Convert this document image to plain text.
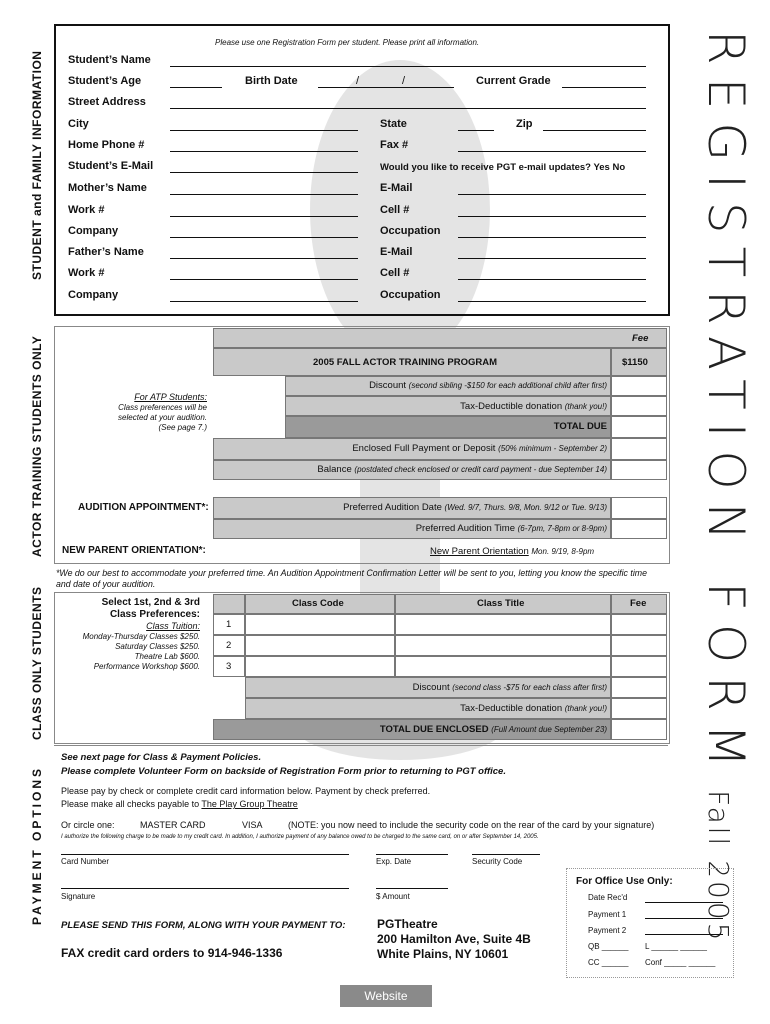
STUDENT and FAMILY INFORMATION
ACTOR TRAINING STUDENTS ONLY
CLASS ONLY STUDENTS
PAYMENT OPTIONS
REGISTRATION FORMFall 2005
Please use one Registration Form per student. Please print all information.
Student’s Name
Student’s Age	Birth Date	/	/	Current Grade
Street Address
City	State	Zip
Home Phone #	Fax #
Student’s E-Mail	Would you like to receive PGT e-mail updates? Yes No
Mother’s Name	E-Mail
Work #	Cell #
Company	Occupation
Father’s Name	E-Mail
Work #	Cell #
Company	Occupation
Fee
2005 FALL ACTOR TRAINING PROGRAM	$1150
Discount (second sibling -$150 for each additional child after first)
Tax-Deductible donation (thank you!)
TOTAL DUE
Enclosed Full Payment or Deposit (50% minimum - September 2)
Balance (postdated check enclosed or credit card payment - due September 14)
For ATP Students:
Class preferences will be
selected at your audition.
(See page 7.)
AUDITION APPOINTMENT*:	Preferred Audition Date (Wed. 9/7, Thurs. 9/8, Mon. 9/12 or Tue. 9/13)
Preferred Audition Time (6-7pm, 7-8pm or 8-9pm)
NEW PARENT ORIENTATION*:	New Parent Orientation Mon. 9/19, 8-9pm
*We do our best to accommodate your preferred time. An Audition Appointment Confirmation Letter will be sent to you, letting you know the specific time and date of your audition.
Select 1st, 2nd & 3rd
Class Preferences:
Class Tuition:
Monday-Thursday Classes $250.
Saturday Classes $250.
Theatre Lab $600.
Performance Workshop $600.
Class Code	Class Title	Fee
1
2
3
Discount (second class -$75 for each class after first)
Tax-Deductible donation (thank you!)
TOTAL DUE ENCLOSED (Full Amount due September 23)
See next page for Class & Payment Policies.
Please complete Volunteer Form on backside of Registration Form prior to returning to PGT office.
Please pay by check or complete credit card information below. Payment by check preferred.
Please make all checks payable to The Play Group Theatre
Or circle one:	MASTER CARD	VISA	(NOTE: you now need to include the security code on the rear of the card by your signature)
I authorize the following charge to be made to my credit card. In addition, I authorize payment of any balance owed to be charged to the same card, on or after September 14, 2005.
Card Number	Exp. Date	Security Code
Signature	$ Amount
PLEASE SEND THIS FORM, ALONG WITH YOUR PAYMENT TO:
FAX credit card orders to 914-946-1336
PGTheatre
200 Hamilton Ave, Suite 4B
White Plains, NY 10601
For Office Use Only:
Date Rec'd
Payment 1
Payment 2
QB ______ L ______ ______
CC ______ Conf _____ ______
Website
